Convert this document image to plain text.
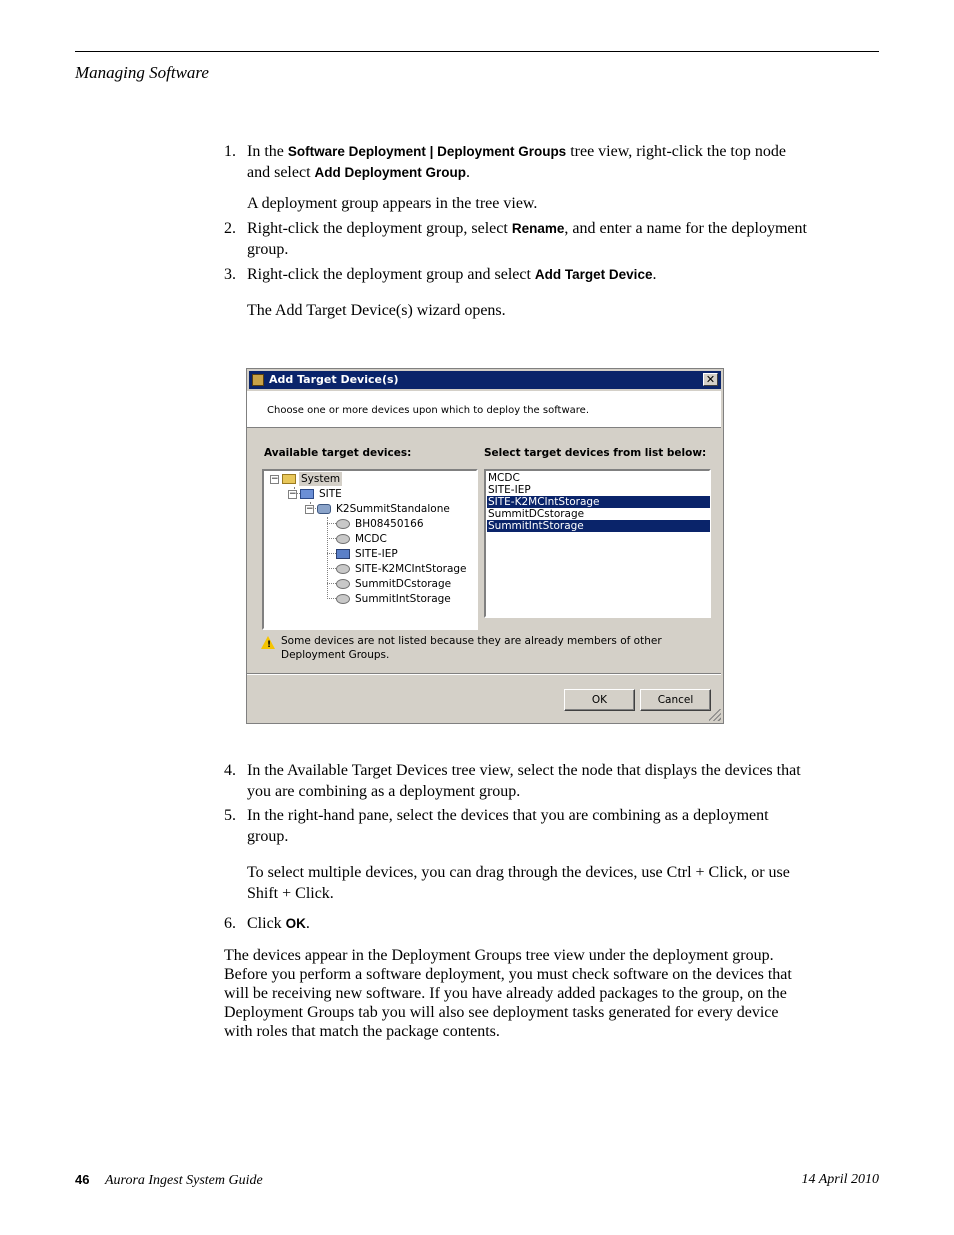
Managing Software
1. In the Software Deployment | Deployment Groups tree view, right-click the top node and select Add Deployment Group.
A deployment group appears in the tree view.
2. Right-click the deployment group, select Rename, and enter a name for the deployment group.
3. Right-click the deployment group and select Add Target Device.
The Add Target Device(s) wizard opens.
Add Target Device(s)	✕
Choose one or more devices upon which to deploy the software.
Available target devices:	Select target devices from list below:
− System
− SITE
− K2SummitStandalone
BH08450166
MCDC
SITE-IEP
SITE-K2MCIntStorage
SummitDCstorage
SummitIntStorage
MCDC
SITE-IEP
SITE-K2MCIntStorage
SummitDCstorage
SummitIntStorage
! Some devices are not listed because they are already members of other Deployment Groups.
OK	Cancel
4. In the Available Target Devices tree view, select the node that displays the devices that you are combining as a deployment group.
5. In the right-hand pane, select the devices that you are combining as a deployment group.
To select multiple devices, you can drag through the devices, use Ctrl + Click, or use Shift + Click.
6. Click OK.
The devices appear in the Deployment Groups tree view under the deployment group. Before you perform a software deployment, you must check software on the devices that will be receiving new software. If you have already added packages to the group, on the Deployment Groups tab you will also see deployment tasks generated for every device with roles that match the package contents.
46 Aurora Ingest System Guide	14 April 2010
